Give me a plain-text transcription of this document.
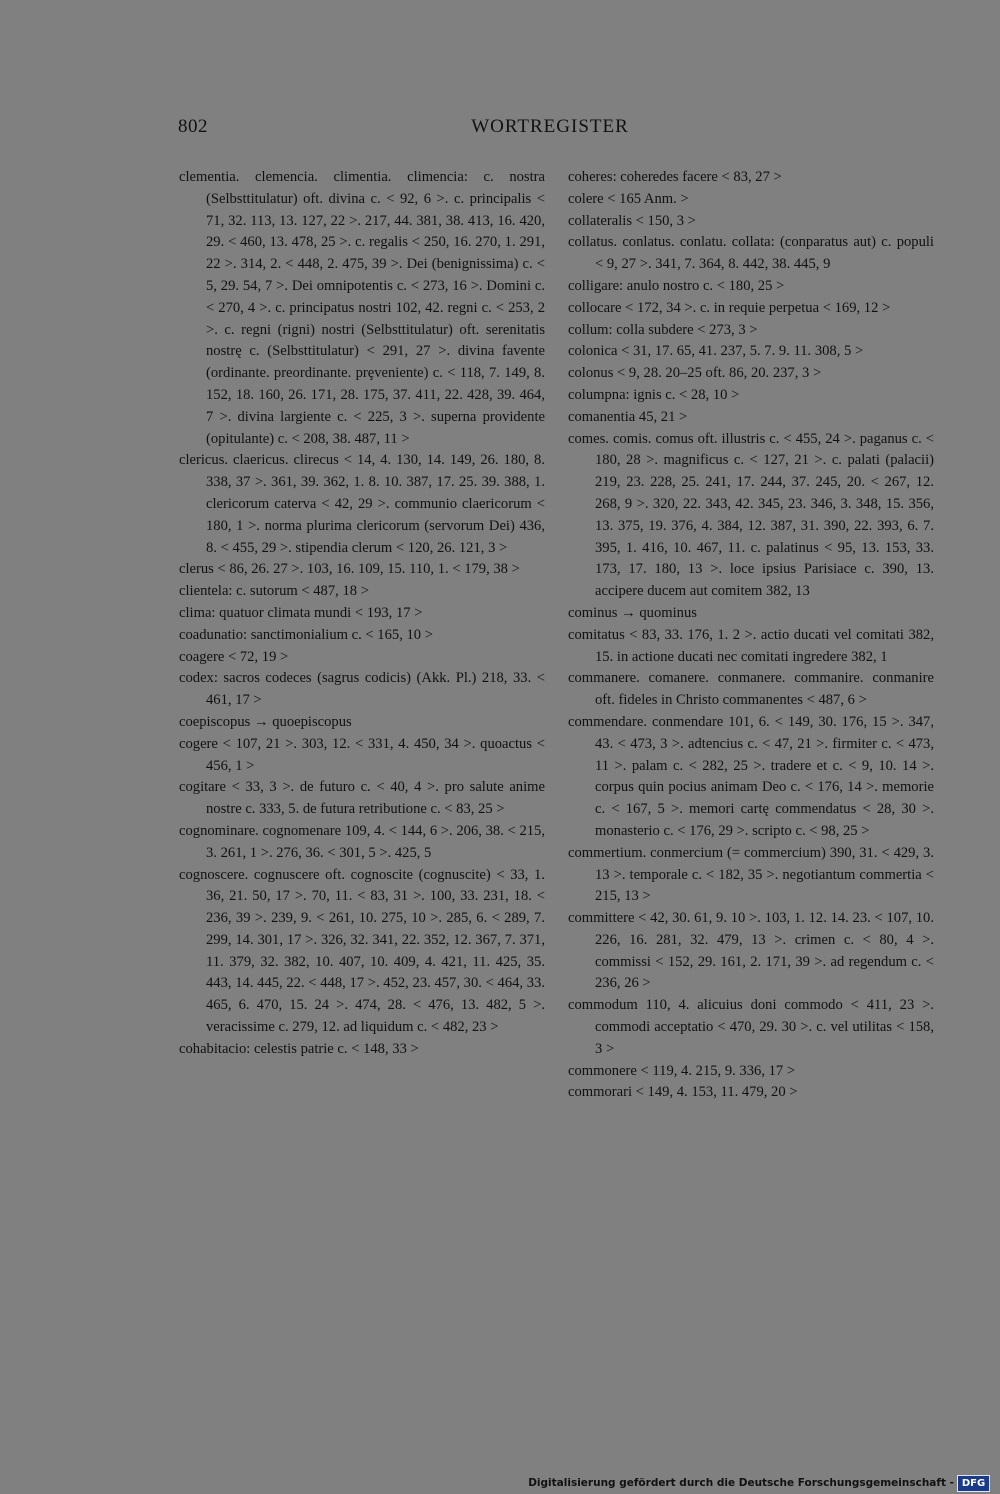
802	WORTREGISTER

clementia. clemencia. climentia. climencia: c. nostra (Selbsttitulatur) oft. divina c. < 92, 6 >. c. principalis < 71, 32. 113, 13. 127, 22 >. 217, 44. 381, 38. 413, 16. 420, 29. < 460, 13. 478, 25 >. c. regalis < 250, 16. 270, 1. 291, 22 >. 314, 2. < 448, 2. 475, 39 >. Dei (benignissima) c. < 5, 29. 54, 7 >. Dei omnipotentis c. < 273, 16 >. Domini c. < 270, 4 >. c. principatus nostri 102, 42. regni c. < 253, 2 >. c. regni (rigni) nostri (Selbsttitulatur) oft. serenitatis nostrę c. (Selbsttitulatur) < 291, 27 >. divina favente (ordinante. preordinante. prȩveniente) c. < 118, 7. 149, 8. 152, 18. 160, 26. 171, 28. 175, 37. 411, 22. 428, 39. 464, 7 >. divina largiente c. < 225, 3 >. superna providente (opitulante) c. < 208, 38. 487, 11 >

clericus. claericus. clirecus < 14, 4. 130, 14. 149, 26. 180, 8. 338, 37 >. 361, 39. 362, 1. 8. 10. 387, 17. 25. 39. 388, 1. clericorum caterva < 42, 29 >. communio claericorum < 180, 1 >. norma plurima clericorum (servorum Dei) 436, 8. < 455, 29 >. stipendia clerum < 120, 26. 121, 3 >

clerus < 86, 26. 27 >. 103, 16. 109, 15. 110, 1. < 179, 38 >

clientela: c. sutorum < 487, 18 >

clima: quatuor climata mundi < 193, 17 >

coadunatio: sanctimonialium c. < 165, 10 >

coagere < 72, 19 >

codex: sacros codeces (sagrus codicis) (Akk. Pl.) 218, 33. < 461, 17 >

coepiscopus → quoepiscopus

cogere < 107, 21 >. 303, 12. < 331, 4. 450, 34 >. quoactus < 456, 1 >

cogitare < 33, 3 >. de futuro c. < 40, 4 >. pro salute anime nostre c. 333, 5. de futura retributione c. < 83, 25 >

cognominare. cognomenare 109, 4. < 144, 6 >. 206, 38. < 215, 3. 261, 1 >. 276, 36. < 301, 5 >. 425, 5

cognoscere. cognuscere oft. cognoscite (cognuscite) < 33, 1. 36, 21. 50, 17 >. 70, 11. < 83, 31 >. 100, 33. 231, 18. < 236, 39 >. 239, 9. < 261, 10. 275, 10 >. 285, 6. < 289, 7. 299, 14. 301, 17 >. 326, 32. 341, 22. 352, 12. 367, 7. 371, 11. 379, 32. 382, 10. 407, 10. 409, 4. 421, 11. 425, 35. 443, 14. 445, 22. < 448, 17 >. 452, 23. 457, 30. < 464, 33. 465, 6. 470, 15. 24 >. 474, 28. < 476, 13. 482, 5 >. veracissime c. 279, 12. ad liquidum c. < 482, 23 >

cohabitacio: celestis patrie c. < 148, 33 >

coheres: coheredes facere < 83, 27 >

colere < 165 Anm. >

collateralis < 150, 3 >

collatus. conlatus. conlatu. collata: (conparatus aut) c. populi < 9, 27 >. 341, 7. 364, 8. 442, 38. 445, 9

colligare: anulo nostro c. < 180, 25 >

collocare < 172, 34 >. c. in requie perpetua < 169, 12 >

collum: colla subdere < 273, 3 >

colonica < 31, 17. 65, 41. 237, 5. 7. 9. 11. 308, 5 >

colonus < 9, 28. 20–25 oft. 86, 20. 237, 3 >

columpna: ignis c. < 28, 10 >

comanentia 45, 21 >

comes. comis. comus oft. illustris c. < 455, 24 >. paganus c. < 180, 28 >. magnificus c. < 127, 21 >. c. palati (palacii) 219, 23. 228, 25. 241, 17. 244, 37. 245, 20. < 267, 12. 268, 9 >. 320, 22. 343, 42. 345, 23. 346, 3. 348, 15. 356, 13. 375, 19. 376, 4. 384, 12. 387, 31. 390, 22. 393, 6. 7. 395, 1. 416, 10. 467, 11. c. palatinus < 95, 13. 153, 33. 173, 17. 180, 13 >. loce ipsius Parisiace c. 390, 13. accipere ducem aut comitem 382, 13

cominus → quominus

comitatus < 83, 33. 176, 1. 2 >. actio ducati vel comitati 382, 15. in actione ducati nec comitati ingredere 382, 1

commanere. comanere. conmanere. commanire. conmanire oft. fideles in Christo commanentes < 487, 6 >

commendare. conmendare 101, 6. < 149, 30. 176, 15 >. 347, 43. < 473, 3 >. adtencius c. < 47, 21 >. firmiter c. < 473, 11 >. palam c. < 282, 25 >. tradere et c. < 9, 10. 14 >. corpus quin pocius animam Deo c. < 176, 14 >. memorie c. < 167, 5 >. memori cartę commendatus < 28, 30 >. monasterio c. < 176, 29 >. scripto c. < 98, 25 >

commertium. conmercium (= commercium) 390, 31. < 429, 3. 13 >. temporale c. < 182, 35 >. negotiantum commertia < 215, 13 >

committere < 42, 30. 61, 9. 10 >. 103, 1. 12. 14. 23. < 107, 10. 226, 16. 281, 32. 479, 13 >. crimen c. < 80, 4 >. commissi < 152, 29. 161, 2. 171, 39 >. ad regendum c. < 236, 26 >

commodum 110, 4. alicuius doni commodo < 411, 23 >. commodi acceptatio < 470, 29. 30 >. c. vel utilitas < 158, 3 >

commonere < 119, 4. 215, 9. 336, 17 >

commorari < 149, 4. 153, 11. 479, 20 >

Digitalisierung gefördert durch die Deutsche Forschungsgemeinschaft - DFG
